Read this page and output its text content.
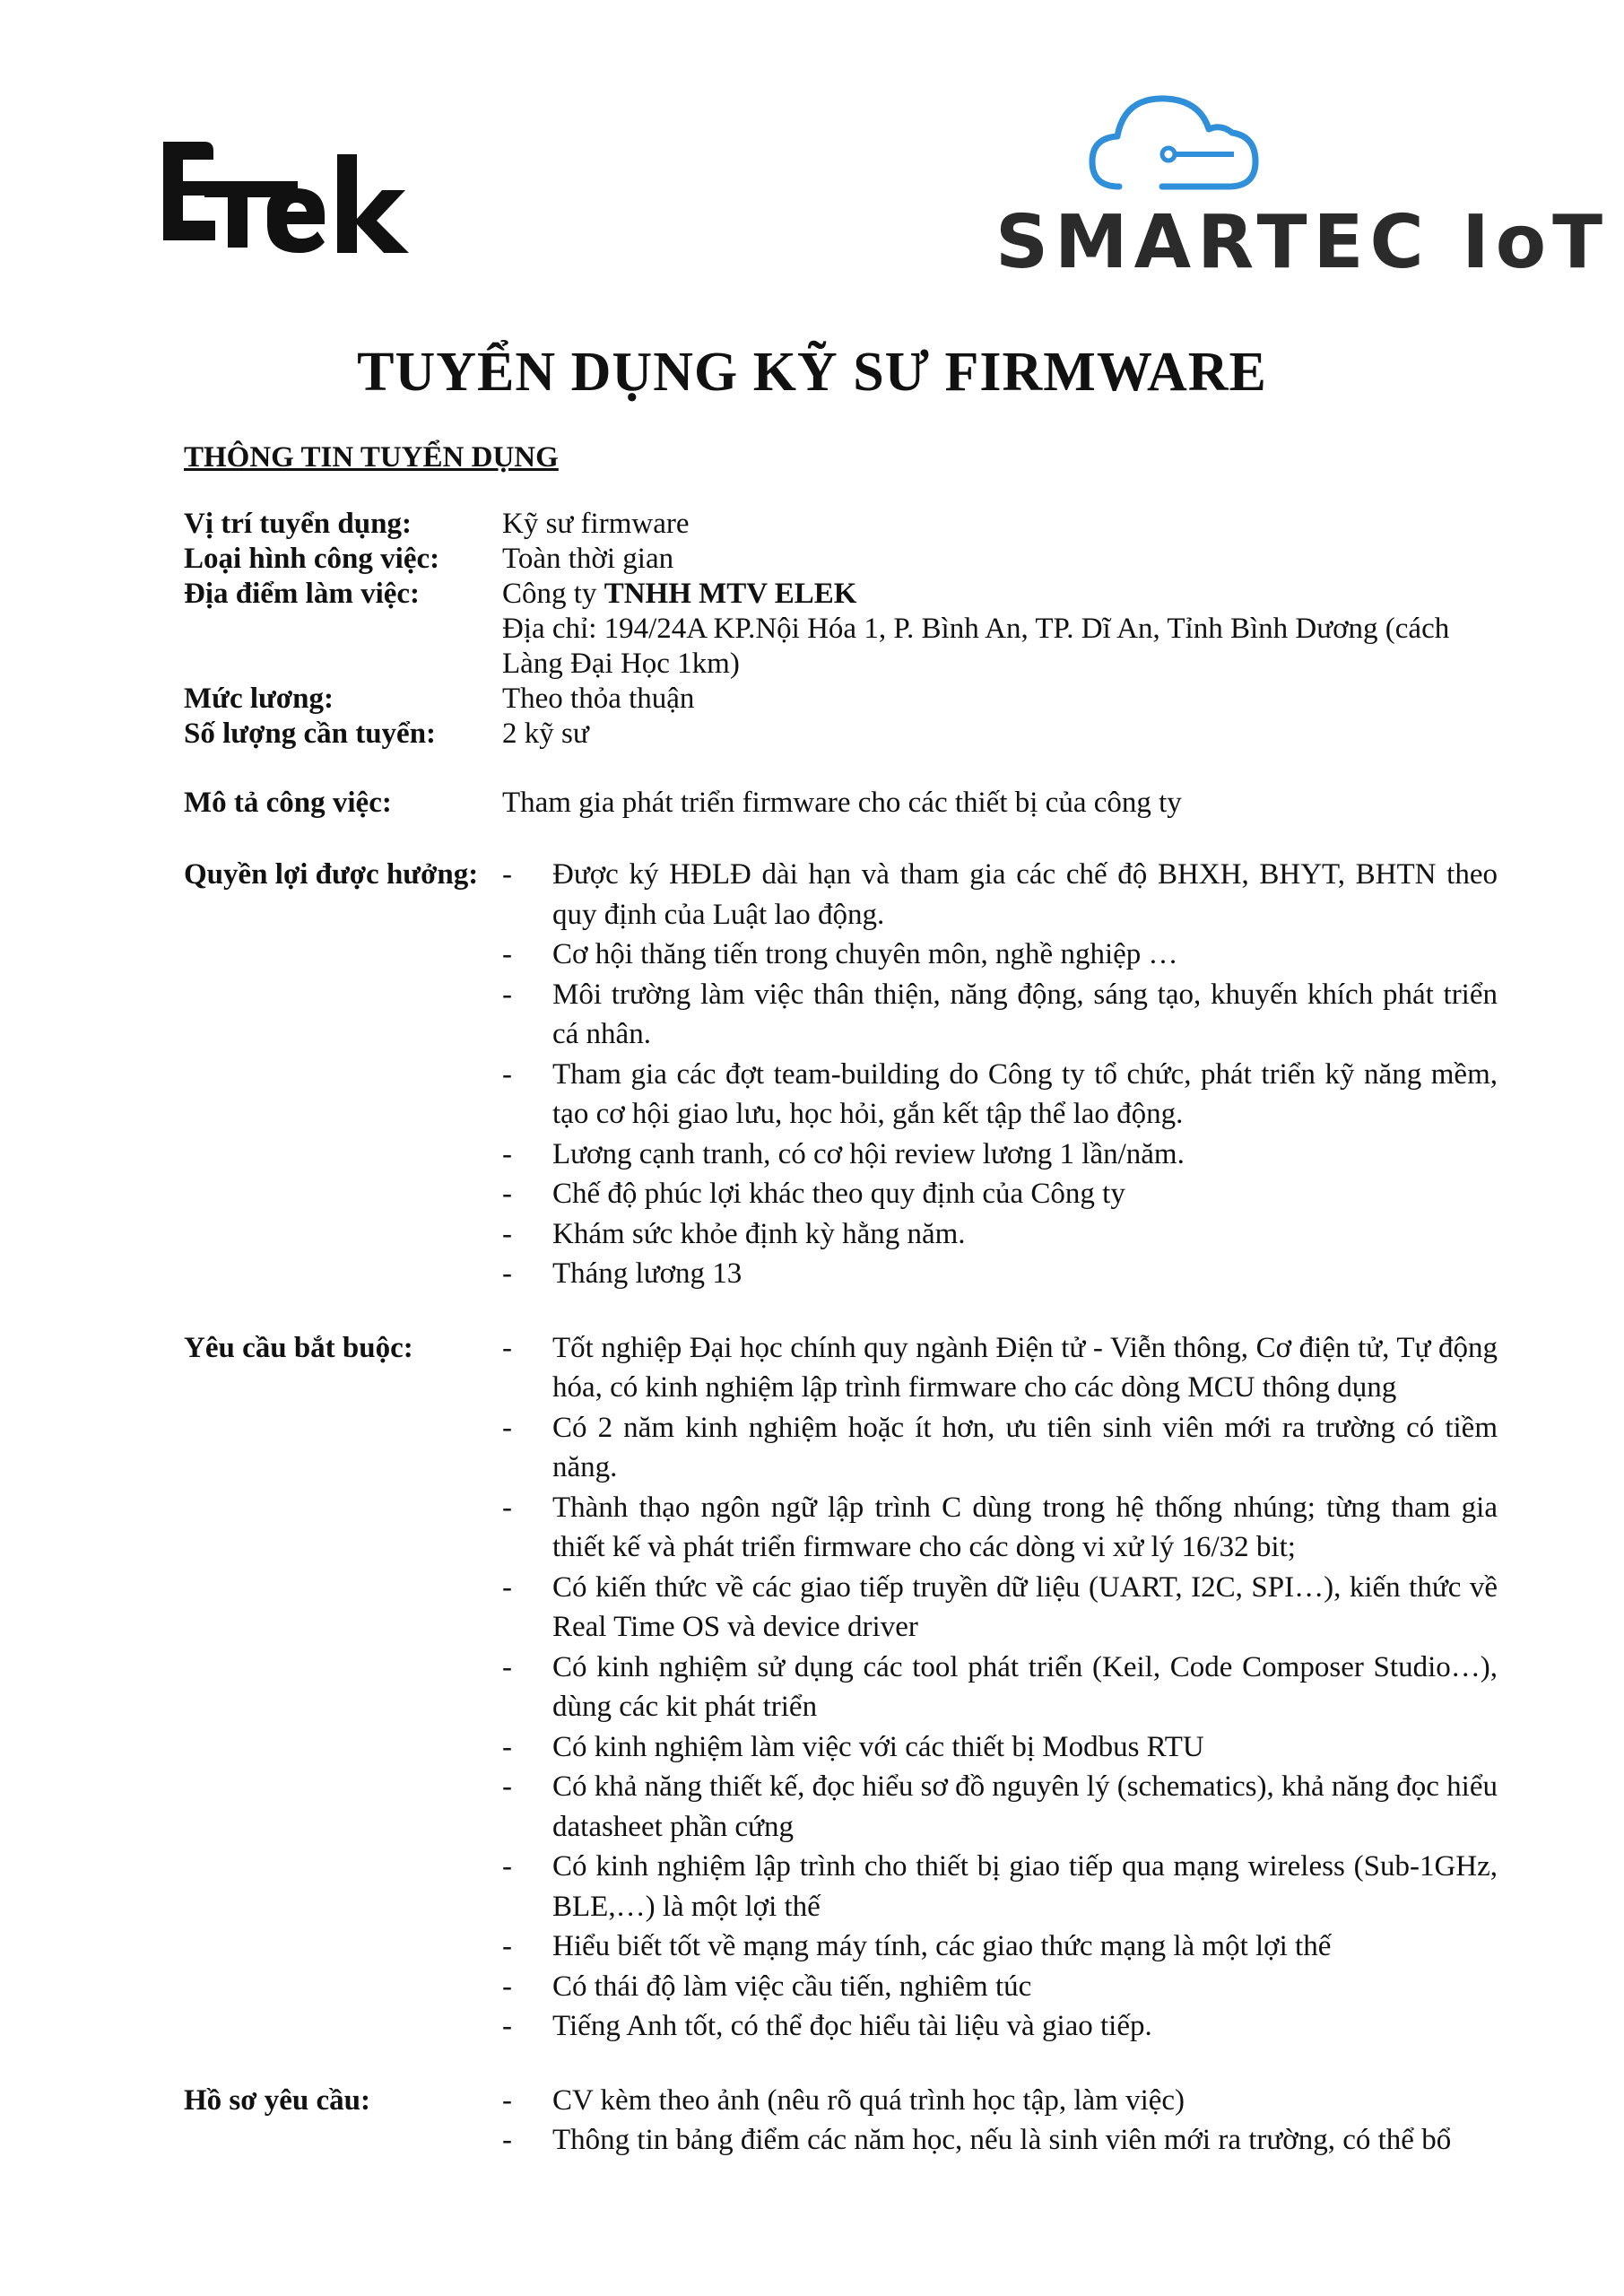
SMARTEC IoT
TUYỂN DỤNG KỸ SƯ FIRMWARE
THÔNG TIN TUYỂN DỤNG
Vị trí tuyển dụng:	Kỹ sư firmware
Loại hình công việc:	Toàn thời gian
Địa điểm làm việc:	Công ty TNHH MTV ELEK
Địa chỉ: 194/24A KP.Nội Hóa 1, P. Bình An, TP. Dĩ An, Tỉnh Bình Dương (cách Làng Đại Học 1km)
Mức lương:	Theo thỏa thuận
Số lượng cần tuyển:	2 kỹ sư
Mô tả công việc:	Tham gia phát triển firmware cho các thiết bị của công ty
Quyền lợi được hưởng: -	Được ký HĐLĐ dài hạn và tham gia các chế độ BHXH, BHYT, BHTN theo quy định của Luật lao động.
-	Cơ hội thăng tiến trong chuyên môn, nghề nghiệp …
-	Môi trường làm việc thân thiện, năng động, sáng tạo, khuyến khích phát triển cá nhân.
-	Tham gia các đợt team-building do Công ty tổ chức, phát triển kỹ năng mềm, tạo cơ hội giao lưu, học hỏi, gắn kết tập thể lao động.
-	Lương cạnh tranh, có cơ hội review lương 1 lần/năm.
-	Chế độ phúc lợi khác theo quy định của Công ty
-	Khám sức khỏe định kỳ hằng năm.
-	Tháng lương 13
Yêu cầu bắt buộc:	-	Tốt nghiệp Đại học chính quy ngành Điện tử - Viễn thông, Cơ điện tử, Tự động hóa, có kinh nghiệm lập trình firmware cho các dòng MCU thông dụng
-	Có 2 năm kinh nghiệm hoặc ít hơn, ưu tiên sinh viên mới ra trường có tiềm năng.
-	Thành thạo ngôn ngữ lập trình C dùng trong hệ thống nhúng; từng tham gia thiết kế và phát triển firmware cho các dòng vi xử lý 16/32 bit;
-	Có kiến thức về các giao tiếp truyền dữ liệu (UART, I2C, SPI…), kiến thức về Real Time OS và device driver
-	Có kinh nghiệm sử dụng các tool phát triển (Keil, Code Composer Studio…), dùng các kit phát triển
-	Có kinh nghiệm làm việc với các thiết bị Modbus RTU
-	Có khả năng thiết kế, đọc hiểu sơ đồ nguyên lý (schematics), khả năng đọc hiểu datasheet phần cứng
-	Có kinh nghiệm lập trình cho thiết bị giao tiếp qua mạng wireless (Sub-1GHz, BLE,…) là một lợi thế
-	Hiểu biết tốt về mạng máy tính, các giao thức mạng là một lợi thế
-	Có thái độ làm việc cầu tiến, nghiêm túc
-	Tiếng Anh tốt, có thể đọc hiểu tài liệu và giao tiếp.
Hồ sơ yêu cầu:	-	CV kèm theo ảnh (nêu rõ quá trình học tập, làm việc)
-	Thông tin bảng điểm các năm học, nếu là sinh viên mới ra trường, có thể bổ
